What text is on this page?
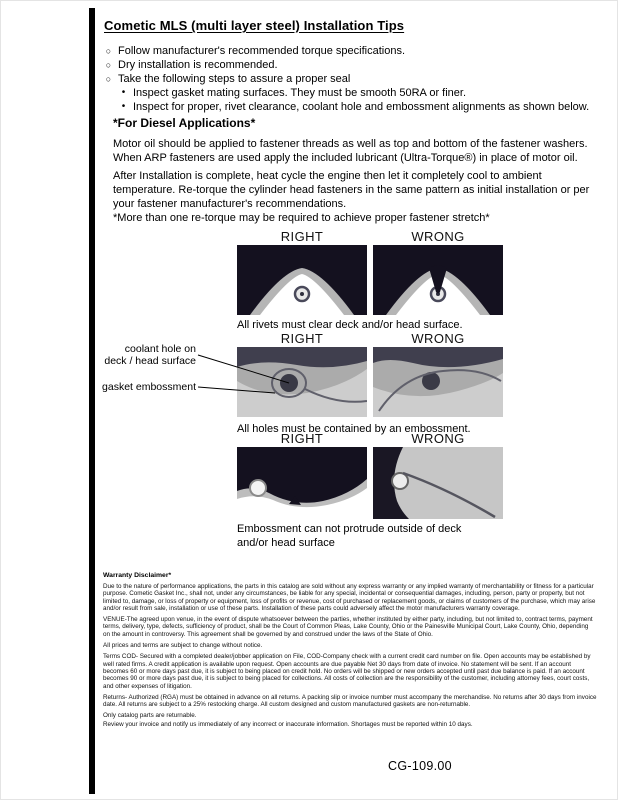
Cometic MLS (multi layer steel) Installation Tips
○ Follow manufacturer's recommended torque specifications.
○ Dry installation is recommended.
○ Take the following steps to assure a proper seal
• Inspect gasket mating surfaces. They must be smooth 50RA or finer.
• Inspect for proper, rivet clearance, coolant hole and embossment alignments as shown below.
*For Diesel Applications*
Motor oil should be applied to fastener threads as well as top and bottom of the fastener washers. When ARP fasteners are used apply the included lubricant (Ultra-Torque®) in place of motor oil.
After Installation is complete, heat cycle the engine then let it completely cool to ambient temperature. Re-torque the cylinder head fasteners in the same pattern as initial installation or per your fastener manufacturer's recommendations.
*More than one re-torque may be required to achieve proper fastener stretch*
RIGHT	WRONG
All rivets must clear deck and/or head surface.
RIGHT	WRONG
coolant hole on deck / head surface
gasket embossment
All holes must be contained by an embossment.
RIGHT	WRONG
Embossment can not protrude outside of deck and/or head surface
Warranty Disclaimer*

Due to the nature of performance applications, the parts in this catalog are sold without any express warranty or any implied warranty of merchantability or fitness for a particular purpose. Cometic Gasket Inc., shall not, under any circumstances, be liable for any special, incidental or consequential damages, including, person, party or property, but not limited to, damage, or loss of property or equipment, loss of profits or revenue, cost of purchased or replacement goods, or claims of customers of the purchase, which may arise and/or result from sale, installation or use of these parts. Installation of these parts could adversely affect the motor manufacturers warranty coverage.

VENUE-The agreed upon venue, in the event of dispute whatsoever between the parties, whether instituted by either party, including, but not limited to, contract terms, payment terms, delivery, type, defects, sufficiency of product, shall be the Court of Common Pleas, Lake County, Ohio or the Painesville Municipal Court, Lake County, Ohio, depending on the amount in controversy. This agreement shall be governed by and construed under the laws of the State of Ohio.

All prices and terms are subject to change without notice.

Terms COD- Secured with a completed dealer/jobber application on File, COD-Company check with a current credit card number on file. Open accounts may be established by well rated firms. A credit application is available upon request. Open accounts are due payable Net 30 days from date of invoice. No statement will be sent. If an account becomes 60 or more days past due, it is subject to being placed on credit hold. No orders will be shipped or new orders accepted until past due balance is paid. If an account becomes 90 or more days past due, it is subject to being placed for collections. All costs of collection are the responsibility of the customer, including attorney fees, court costs, and other expenses of litigation.

Returns- Authorized (RGA) must be obtained in advance on all returns. A packing slip or invoice number must accompany the merchandise. No returns after 30 days from invoice date. All returns are subject to a 25% restocking charge. All custom designed and custom manufactured gaskets are non-returnable.

Only catalog parts are returnable.

Review your invoice and notify us immediately of any incorrect or inaccurate information. Shortages must be reported within 10 days.

CG-109.00
